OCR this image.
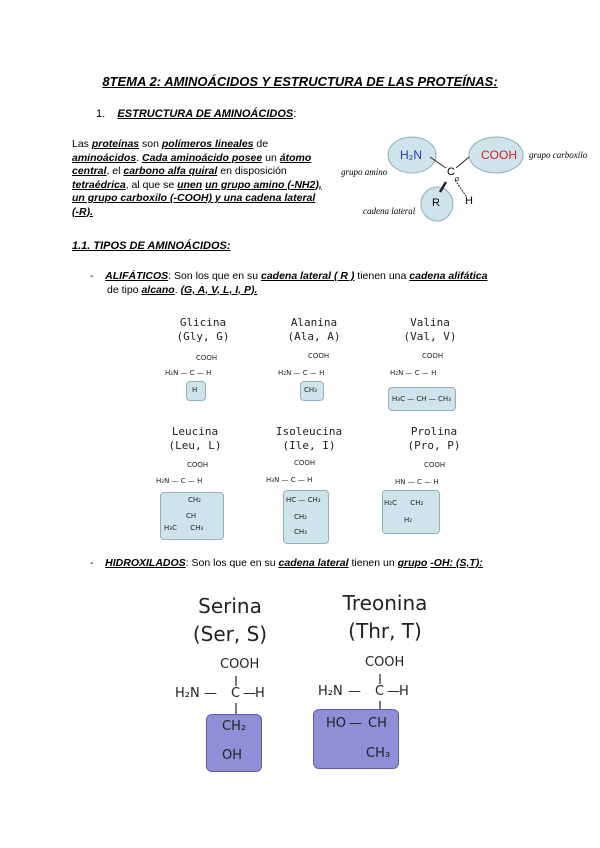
8TEMA 2: AMINOÁCIDOS Y ESTRUCTURA DE LAS PROTEÍNAS:
1. ESTRUCTURA DE AMINOÁCIDOS:
Las proteínas son polímeros lineales de aminoácidos. Cada aminoácido posee un átomo central, el carbono alfa quiral en disposición tetraédrica, al que se unen un grupo amino (-NH2), un grupo carboxilo (-COOH) y una cadena lateral (-R).
H₂N	COOH
C
α
R H
grupo amino
grupo carboxilo
cadena lateral
1.1. TIPOS DE AMINOÁCIDOS:
- ALIFÁTICOS: Son los que en su cadena lateral ( R ) tienen una cadena alifática
de tipo alcano. (G, A, V, L, I, P).
Glicina
(Gly, G)
COOH
H₂N — C — H
H
Alanina
(Ala, A)
COOH
H₂N — C — H
CH₃
Valina
(Val, V)
COOH
H₂N — C — H
H₃C — CH — CH₃
Leucina
(Leu, L)
COOH
H₂N — C — H
CH₂
CH
H₃C      CH₃
Isoleucina
(Ile, I)
COOH
H₃N — C — H
HC — CH₃
CH₂
CH₃
Prolina
(Pro, P)
COOH
HN — C — H
H₂C      CH₂
H₂
- HIDROXILADOS: Son los que en su cadena lateral tienen un grupo -OH: (S,T):
Serina
(Ser, S)
COOH
H₂N — C — H
CH₂
OH
Treonina
(Thr, T)
COOH
H₂N — C — H
HO — CH
CH₃
